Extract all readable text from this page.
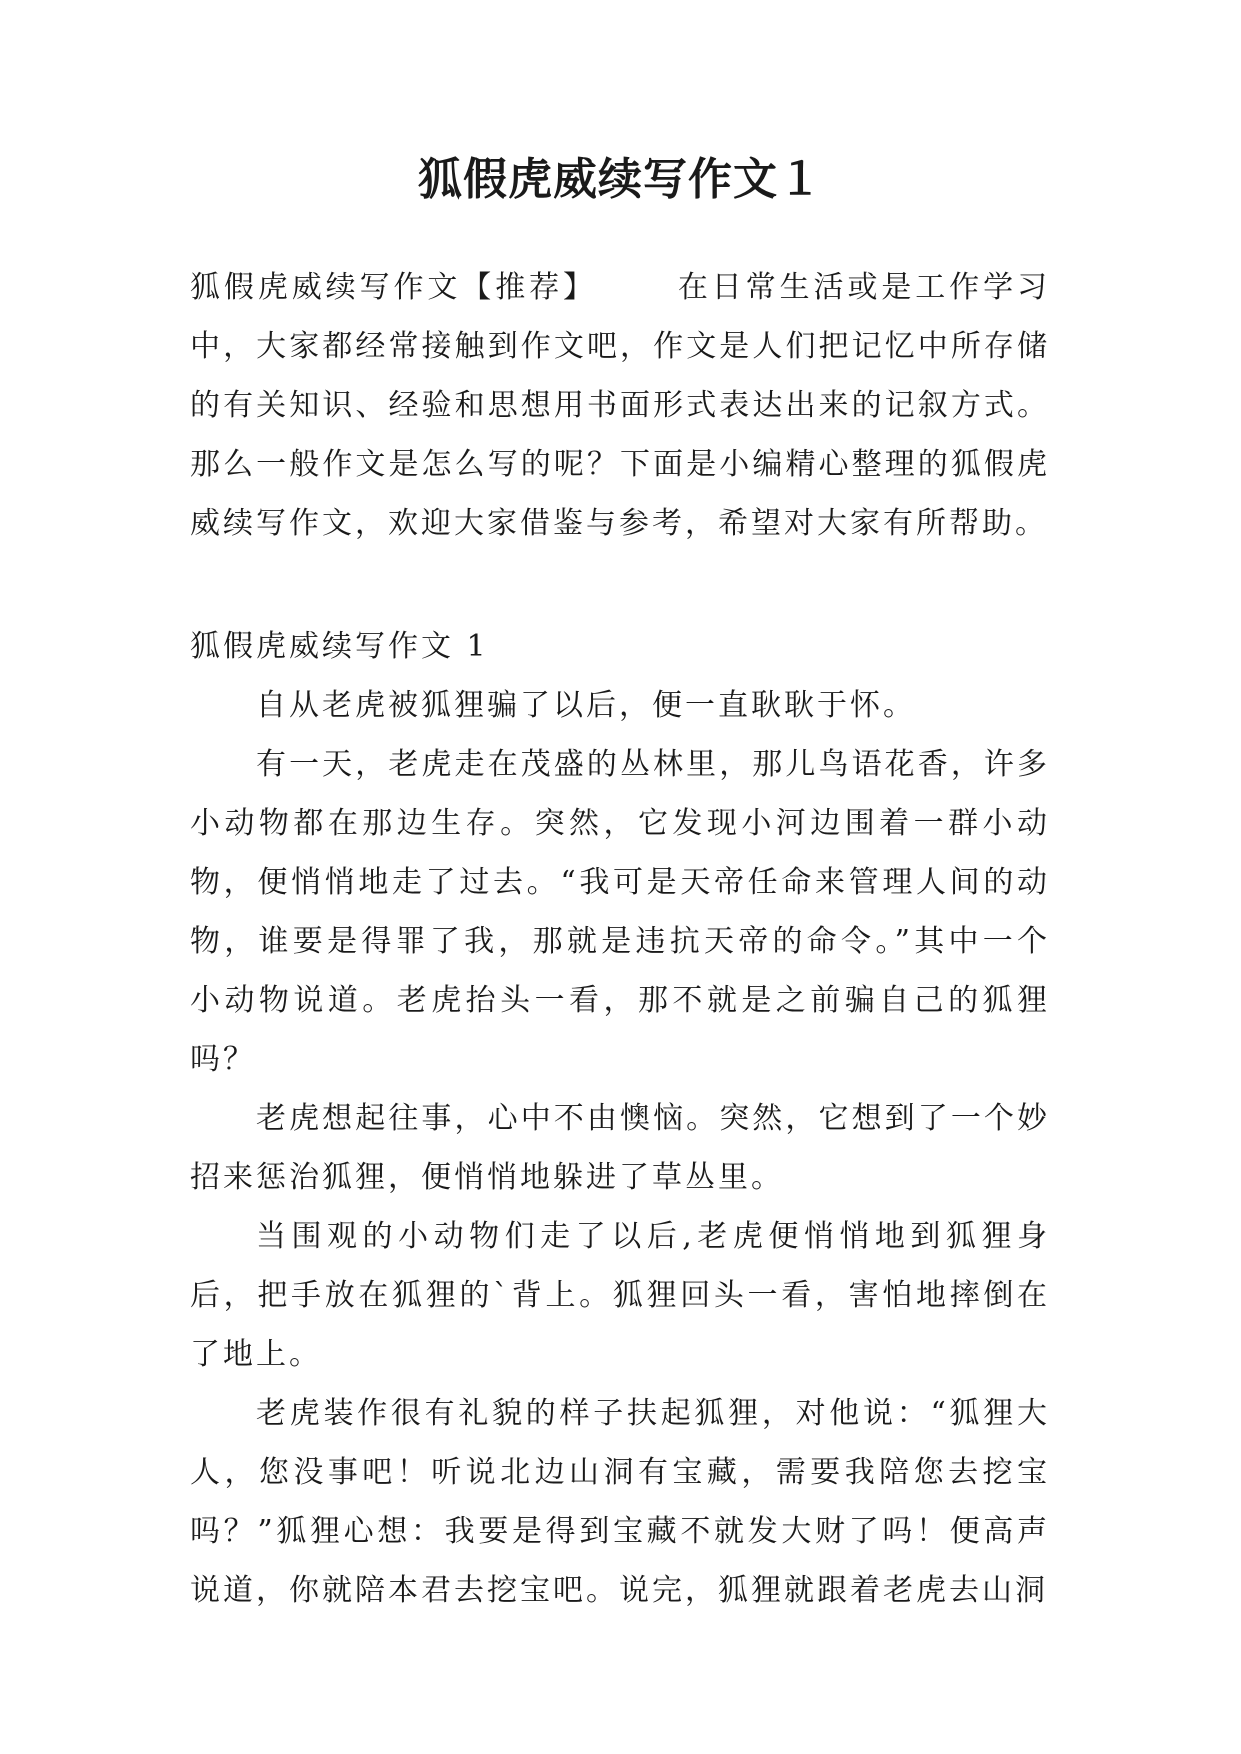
狐假虎威续写作文１

狐假虎威续写作文【推荐】	在日常生活或是工作学习中，大家都经常接触到作文吧，作文是人们把记忆中所存储的有关知识、经验和思想用书面形式表达出来的记叙方式。那么一般作文是怎么写的呢？下面是小编精心整理的狐假虎威续写作文，欢迎大家借鉴与参考，希望对大家有所帮助。

狐假虎威续写作文 1

自从老虎被狐狸骗了以后，便一直耿耿于怀。

有一天，老虎走在茂盛的丛林里，那儿鸟语花香，许多小动物都在那边生存。突然，它发现小河边围着一群小动物，便悄悄地走了过去。“我可是天帝任命来管理人间的动物，谁要是得罪了我，那就是违抗天帝的命令。”其中一个小动物说道。老虎抬头一看，那不就是之前骗自己的狐狸吗？

老虎想起往事，心中不由懊恼。突然，它想到了一个妙招来惩治狐狸，便悄悄地躲进了草丛里。

当围观的小动物们走了以后,老虎便悄悄地到狐狸身后，把手放在狐狸的`背上。狐狸回头一看，害怕地摔倒在了地上。

老虎装作很有礼貌的样子扶起狐狸，对他说：“狐狸大人，您没事吧！听说北边山洞有宝藏，需要我陪您去挖宝吗？”狐狸心想：我要是得到宝藏不就发大财了吗！便高声说道，你就陪本君去挖宝吧。说完，狐狸就跟着老虎去山洞
